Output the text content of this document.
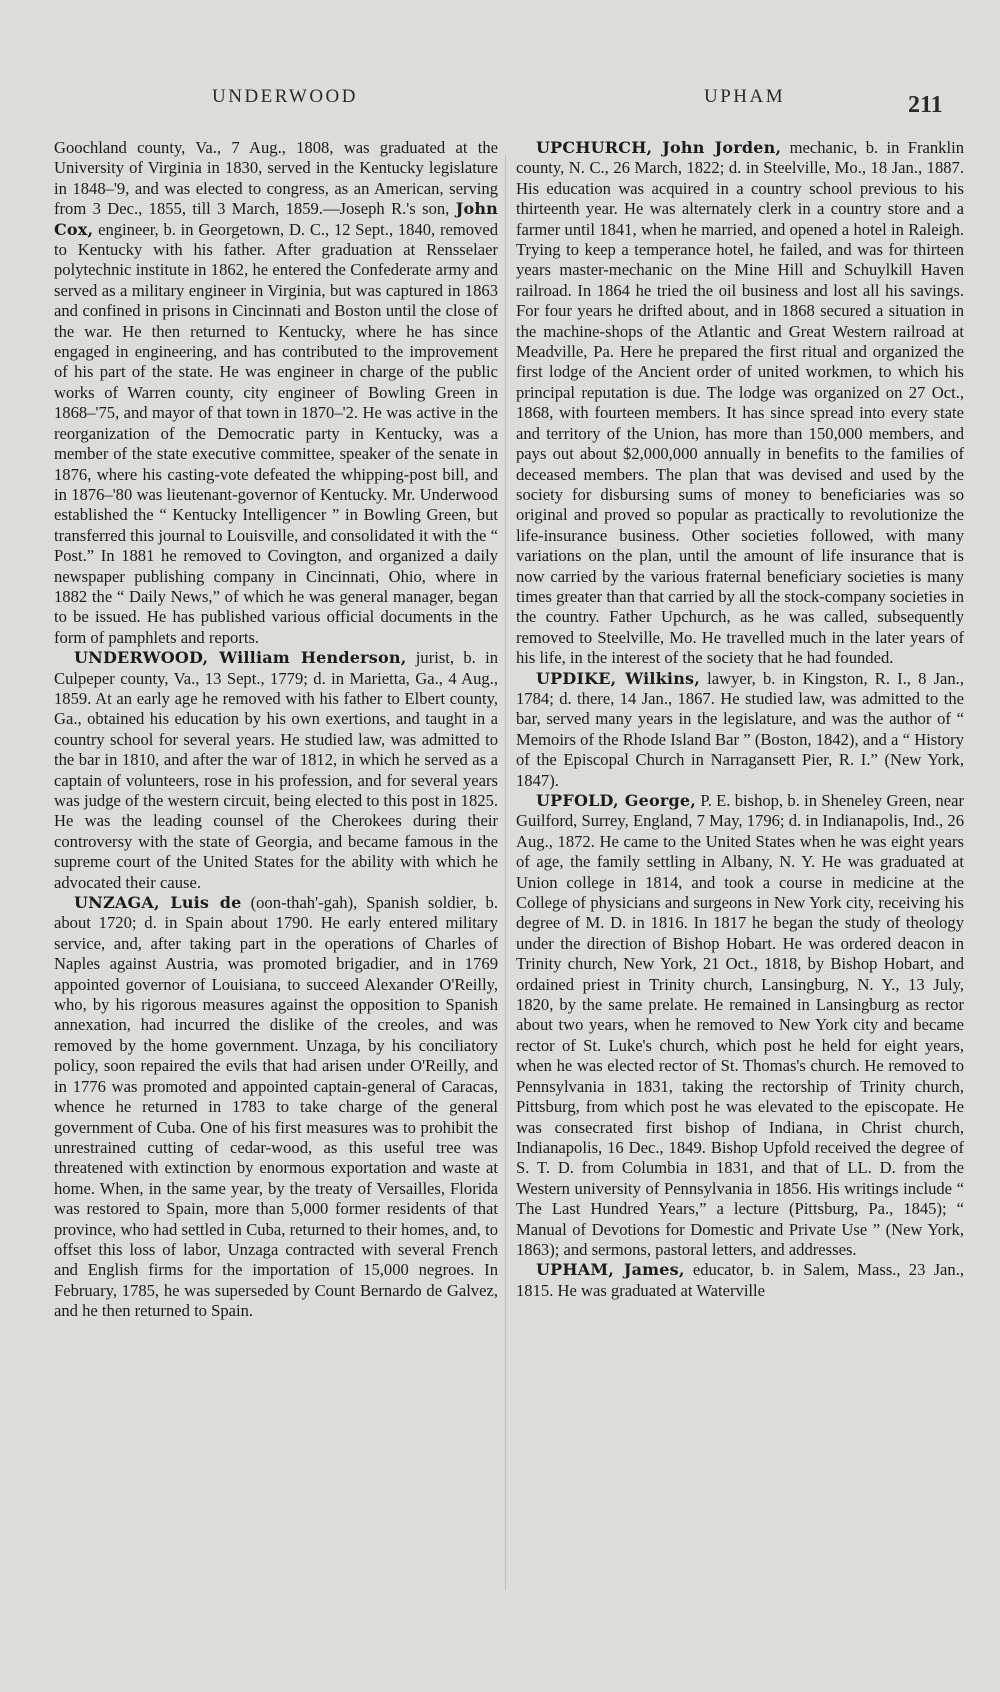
UNDERWOOD	UPHAM	211

Goochland county, Va., 7 Aug., 1808, was graduated at the University of Virginia in 1830, served in the Kentucky legislature in 1848–'9, and was elected to congress, as an American, serving from 3 Dec., 1855, till 3 March, 1859.—Joseph R.'s son, John Cox, engineer, b. in Georgetown, D. C., 12 Sept., 1840, removed to Kentucky with his father. After graduation at Rensselaer polytechnic institute in 1862, he entered the Confederate army and served as a military engineer in Virginia, but was captured in 1863 and confined in prisons in Cincinnati and Boston until the close of the war. He then returned to Kentucky, where he has since engaged in engineering, and has contributed to the improvement of his part of the state. He was engineer in charge of the public works of Warren county, city engineer of Bowling Green in 1868–'75, and mayor of that town in 1870–'2. He was active in the reorganization of the Democratic party in Kentucky, was a member of the state executive committee, speaker of the senate in 1876, where his casting-vote defeated the whipping-post bill, and in 1876–'80 was lieutenant-governor of Kentucky. Mr. Underwood established the “ Kentucky Intelligencer ” in Bowling Green, but transferred this journal to Louisville, and consolidated it with the “ Post.” In 1881 he removed to Covington, and organized a daily newspaper publishing company in Cincinnati, Ohio, where in 1882 the “ Daily News,” of which he was general manager, began to be issued. He has published various official documents in the form of pamphlets and reports.

UNDERWOOD, William Henderson, jurist, b. in Culpeper county, Va., 13 Sept., 1779; d. in Marietta, Ga., 4 Aug., 1859. At an early age he removed with his father to Elbert county, Ga., obtained his education by his own exertions, and taught in a country school for several years. He studied law, was admitted to the bar in 1810, and after the war of 1812, in which he served as a captain of volunteers, rose in his profession, and for several years was judge of the western circuit, being elected to this post in 1825. He was the leading counsel of the Cherokees during their controversy with the state of Georgia, and became famous in the supreme court of the United States for the ability with which he advocated their cause.

UNZAGA, Luis de (oon-thah'-gah), Spanish soldier, b. about 1720; d. in Spain about 1790. He early entered military service, and, after taking part in the operations of Charles of Naples against Austria, was promoted brigadier, and in 1769 appointed governor of Louisiana, to succeed Alexander O'Reilly, who, by his rigorous measures against the opposition to Spanish annexation, had incurred the dislike of the creoles, and was removed by the home government. Unzaga, by his conciliatory policy, soon repaired the evils that had arisen under O'Reilly, and in 1776 was promoted and appointed captain-general of Caracas, whence he returned in 1783 to take charge of the general government of Cuba. One of his first measures was to prohibit the unrestrained cutting of cedar-wood, as this useful tree was threatened with extinction by enormous exportation and waste at home. When, in the same year, by the treaty of Versailles, Florida was restored to Spain, more than 5,000 former residents of that province, who had settled in Cuba, returned to their homes, and, to offset this loss of labor, Unzaga contracted with several French and English firms for the importation of 15,000 negroes. In February, 1785, he was superseded by Count Bernardo de Galvez, and he then returned to Spain.

UPCHURCH, John Jorden, mechanic, b. in Franklin county, N. C., 26 March, 1822; d. in Steelville, Mo., 18 Jan., 1887. His education was acquired in a country school previous to his thirteenth year. He was alternately clerk in a country store and a farmer until 1841, when he married, and opened a hotel in Raleigh. Trying to keep a temperance hotel, he failed, and was for thirteen years master-mechanic on the Mine Hill and Schuylkill Haven railroad. In 1864 he tried the oil business and lost all his savings. For four years he drifted about, and in 1868 secured a situation in the machine-shops of the Atlantic and Great Western railroad at Meadville, Pa. Here he prepared the first ritual and organized the first lodge of the Ancient order of united workmen, to which his principal reputation is due. The lodge was organized on 27 Oct., 1868, with fourteen members. It has since spread into every state and territory of the Union, has more than 150,000 members, and pays out about $2,000,000 annually in benefits to the families of deceased members. The plan that was devised and used by the society for disbursing sums of money to beneficiaries was so original and proved so popular as practically to revolutionize the life-insurance business. Other societies followed, with many variations on the plan, until the amount of life insurance that is now carried by the various fraternal beneficiary societies is many times greater than that carried by all the stock-company societies in the country. Father Upchurch, as he was called, subsequently removed to Steelville, Mo. He travelled much in the later years of his life, in the interest of the society that he had founded.

UPDIKE, Wilkins, lawyer, b. in Kingston, R. I., 8 Jan., 1784; d. there, 14 Jan., 1867. He studied law, was admitted to the bar, served many years in the legislature, and was the author of “ Memoirs of the Rhode Island Bar ” (Boston, 1842), and a “ History of the Episcopal Church in Narragansett Pier, R. I.” (New York, 1847).

UPFOLD, George, P. E. bishop, b. in Sheneley Green, near Guilford, Surrey, England, 7 May, 1796; d. in Indianapolis, Ind., 26 Aug., 1872. He came to the United States when he was eight years of age, the family settling in Albany, N. Y. He was graduated at Union college in 1814, and took a course in medicine at the College of physicians and surgeons in New York city, receiving his degree of M. D. in 1816. In 1817 he began the study of theology under the direction of Bishop Hobart. He was ordered deacon in Trinity church, New York, 21 Oct., 1818, by Bishop Hobart, and ordained priest in Trinity church, Lansingburg, N. Y., 13 July, 1820, by the same prelate. He remained in Lansingburg as rector about two years, when he removed to New York city and became rector of St. Luke's church, which post he held for eight years, when he was elected rector of St. Thomas's church. He removed to Pennsylvania in 1831, taking the rectorship of Trinity church, Pittsburg, from which post he was elevated to the episcopate. He was consecrated first bishop of Indiana, in Christ church, Indianapolis, 16 Dec., 1849. Bishop Upfold received the degree of S. T. D. from Columbia in 1831, and that of LL. D. from the Western university of Pennsylvania in 1856. His writings include “ The Last Hundred Years,” a lecture (Pittsburg, Pa., 1845); “ Manual of Devotions for Domestic and Private Use ” (New York, 1863); and sermons, pastoral letters, and addresses.

UPHAM, James, educator, b. in Salem, Mass., 23 Jan., 1815. He was graduated at Waterville
